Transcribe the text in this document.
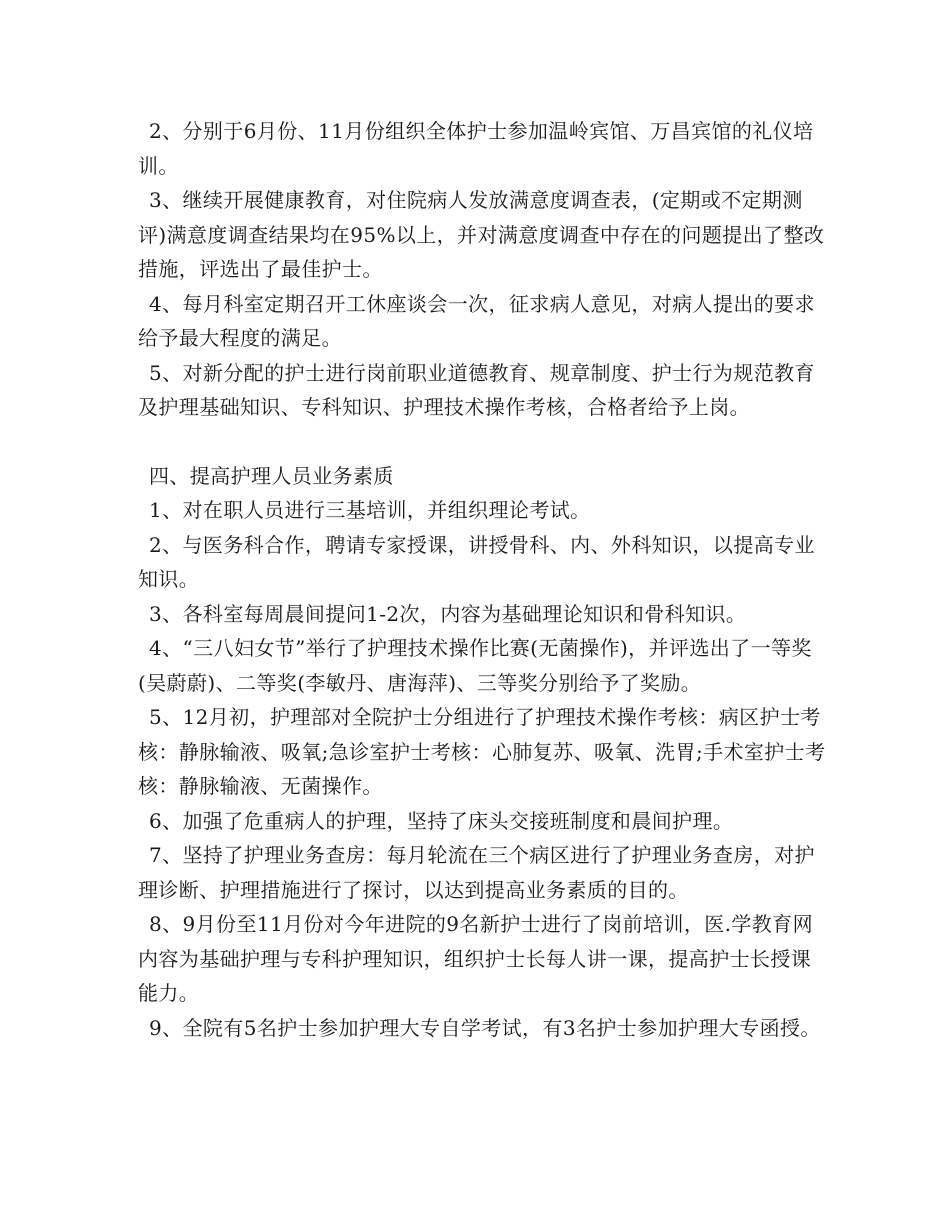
2、分别于6月份、11月份组织全体护士参加温岭宾馆、万昌宾馆的礼仪培训。

3、继续开展健康教育，对住院病人发放满意度调查表，(定期或不定期测评)满意度调查结果均在95%以上，并对满意度调查中存在的问题提出了整改措施，评选出了最佳护士。

4、每月科室定期召开工休座谈会一次，征求病人意见，对病人提出的要求给予最大程度的满足。

5、对新分配的护士进行岗前职业道德教育、规章制度、护士行为规范教育及护理基础知识、专科知识、护理技术操作考核，合格者给予上岗。

四、提高护理人员业务素质

1、对在职人员进行三基培训，并组织理论考试。

2、与医务科合作，聘请专家授课，讲授骨科、内、外科知识，以提高专业知识。

3、各科室每周晨间提问1-2次，内容为基础理论知识和骨科知识。

4、“三八妇女节”举行了护理技术操作比赛(无菌操作)，并评选出了一等奖(吴蔚蔚)、二等奖(李敏丹、唐海萍)、三等奖分别给予了奖励。

5、12月初，护理部对全院护士分组进行了护理技术操作考核：病区护士考核：静脉输液、吸氧;急诊室护士考核：心肺复苏、吸氧、洗胃;手术室护士考核：静脉输液、无菌操作。

6、加强了危重病人的护理，坚持了床头交接班制度和晨间护理。

7、坚持了护理业务查房：每月轮流在三个病区进行了护理业务查房，对护理诊断、护理措施进行了探讨，以达到提高业务素质的目的。

8、9月份至11月份对今年进院的9名新护士进行了岗前培训，医.学教育网内容为基础护理与专科护理知识，组织护士长每人讲一课，提高护士长授课能力。

9、全院有5名护士参加护理大专自学考试，有3名护士参加护理大专函授。
